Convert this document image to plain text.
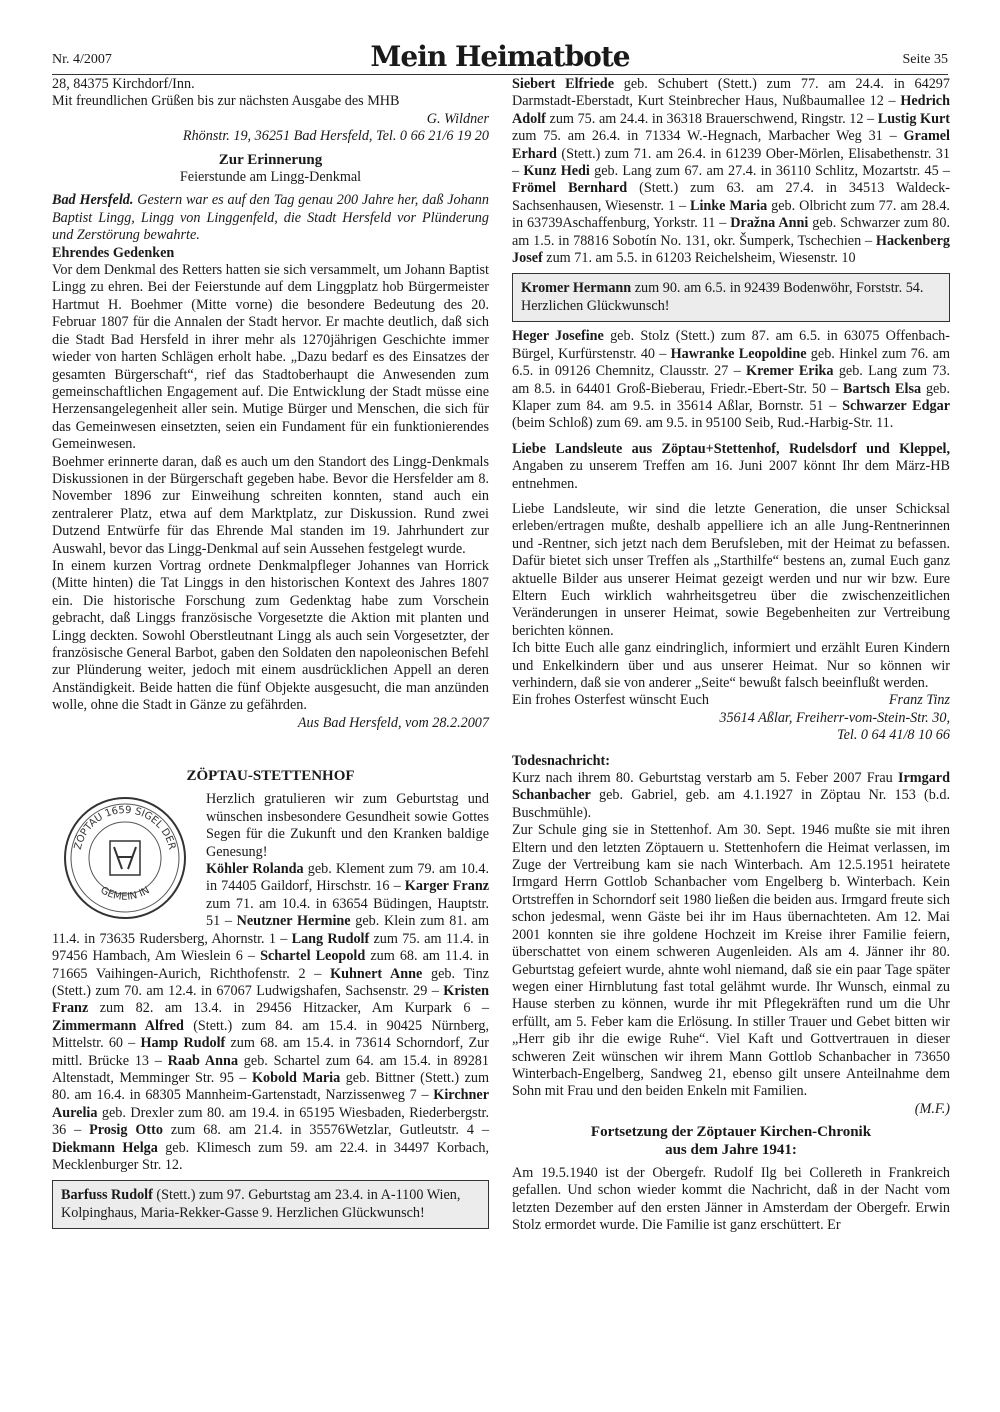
Nr. 4/2007	Mein Heimatbote	Seite 35

28, 84375 Kirchdorf/Inn.

Mit freundlichen Grüßen bis zur nächsten Ausgabe des MHB

G. Wildner

Rhönstr. 19, 36251 Bad Hersfeld, Tel. 0 66 21/6 19 20

Zur Erinnerung

Feierstunde am Lingg-Denkmal

Bad Hersfeld. Gestern war es auf den Tag genau 200 Jahre her, daß Johann Baptist Lingg, Lingg von Linggenfeld, die Stadt Hersfeld vor Plünderung und Zerstörung bewahrte.

Ehrendes Gedenken

Vor dem Denkmal des Retters hatten sie sich versammelt, um Johann Baptist Lingg zu ehren. Bei der Feierstunde auf dem Linggplatz hob Bürgermeister Hartmut H. Boehmer (Mitte vorne) die besondere Bedeutung des 20. Februar 1807 für die Annalen der Stadt hervor. Er machte deutlich, daß sich die Stadt Bad Hersfeld in ihrer mehr als 1270jährigen Geschichte immer wieder von harten Schlägen erholt habe. „Dazu bedarf es des Einsatzes der gesamten Bürgerschaft“, rief das Stadtoberhaupt die Anwesenden zum gemeinschaftlichen Engagement auf. Die Entwicklung der Stadt müsse eine Herzensangelegenheit aller sein. Mutige Bürger und Menschen, die sich für das Gemeinwesen einsetzten, seien ein Fundament für ein funktionierendes Gemeinwesen.

Boehmer erinnerte daran, daß es auch um den Standort des Lingg-Denkmals Diskussionen in der Bürgerschaft gegeben habe. Bevor die Hersfelder am 8. November 1896 zur Einweihung schreiten konnten, stand auch ein zentralerer Platz, etwa auf dem Marktplatz, zur Diskussion. Rund zwei Dutzend Entwürfe für das Ehrende Mal standen im 19. Jahrhundert zur Auswahl, bevor das Lingg-Denkmal auf sein Aussehen festgelegt wurde.

In einem kurzen Vortrag ordnete Denkmalpfleger Johannes van Horrick (Mitte hinten) die Tat Linggs in den historischen Kontext des Jahres 1807 ein. Die historische Forschung zum Gedenktag habe zum Vorschein gebracht, daß Linggs französische Vorgesetzte die Aktion mit planten und Lingg deckten. Sowohl Oberstleutnant Lingg als auch sein Vorgesetzter, der französische General Barbot, gaben den Soldaten den napoleonischen Befehl zur Plünderung weiter, jedoch mit einem ausdrücklichen Appell an deren Anständigkeit. Beide hatten die fünf Objekte ausgesucht, die man anzünden wolle, ohne die Stadt in Gänze zu gefährden.

Aus Bad Hersfeld, vom 28.2.2007

ZÖPTAU-STETTENHOF
ZÖPTAU 1659 SIGEL DER
GEMEIN IN

Herzlich gratulieren wir zum Geburtstag und wünschen insbesondere Gesundheit sowie Gottes Segen für die Zukunft und den Kranken baldige Genesung!

Köhler Rolanda geb. Klement zum 79. am 10.4. in 74405 Gaildorf, Hirschstr. 16 – Karger Franz zum 71. am 10.4. in 63654 Büdingen, Hauptstr. 51 – Neutzner Hermine geb. Klein zum 81. am 11.4. in 73635 Rudersberg, Ahornstr. 1 – Lang Rudolf zum 75. am 11.4. in 97456 Hambach, Am Wieslein 6 – Schartel Leopold zum 68. am 11.4. in 71665 Vaihingen-Aurich, Richthofenstr. 2 – Kuhnert Anne geb. Tinz (Stett.) zum 70. am 12.4. in 67067 Ludwigshafen, Sachsenstr. 29 – Kristen Franz zum 82. am 13.4. in 29456 Hitzacker, Am Kurpark 6 – Zimmermann Alfred (Stett.) zum 84. am 15.4. in 90425 Nürnberg, Mittelstr. 60 – Hamp Rudolf zum 68. am 15.4. in 73614 Schorndorf, Zur mittl. Brücke 13 – Raab Anna geb. Schartel zum 64. am 15.4. in 89281 Altenstadt, Memminger Str. 95 – Kobold Maria geb. Bittner (Stett.) zum 80. am 16.4. in 68305 Mannheim-Gartenstadt, Narzissenweg 7 – Kirchner Aurelia geb. Drexler zum 80. am 19.4. in 65195 Wiesbaden, Riederbergstr. 36 – Prosig Otto zum 68. am 21.4. in 35576Wetzlar, Gutleutstr. 4 – Diekmann Helga geb. Klimesch zum 59. am 22.4. in 34497 Korbach, Mecklenburger Str. 12.

Barfuss Rudolf (Stett.) zum 97. Geburtstag am 23.4. in A-1100 Wien, Kolpinghaus, Maria-Rekker-Gasse 9. Herzlichen Glückwunsch!

Siebert Elfriede geb. Schubert (Stett.) zum 77. am 24.4. in 64297 Darmstadt-Eberstadt, Kurt Steinbrecher Haus, Nußbaumallee 12 – Hedrich Adolf zum 75. am 24.4. in 36318 Brauerschwend, Ringstr. 12 – Lustig Kurt zum 75. am 26.4. in 71334 W.-Hegnach, Marbacher Weg 31 – Gramel Erhard (Stett.) zum 71. am 26.4. in 61239 Ober-Mörlen, Elisabethenstr. 31 – Kunz Hedi geb. Lang zum 67. am 27.4. in 36110 Schlitz, Mozartstr. 45 – Frömel Bernhard (Stett.) zum 63. am 27.4. in 34513 Waldeck-Sachsenhausen, Wiesenstr. 1 – Linke Maria geb. Olbricht zum 77. am 28.4. in 63739Aschaffenburg, Yorkstr. 11 – Dražna Anni geb. Schwarzer zum 80. am 1.5. in 78816 Sobotín No. 131, okr. Šumperk, Tschechien – Hackenberg Josef zum 71. am 5.5. in 61203 Reichelsheim, Wiesenstr. 10

Kromer Hermann zum 90. am 6.5. in 92439 Bodenwöhr, Forststr. 54. Herzlichen Glückwunsch!

Heger Josefine geb. Stolz (Stett.) zum 87. am 6.5. in 63075 Offenbach-Bürgel, Kurfürstenstr. 40 – Hawranke Leopoldine geb. Hinkel zum 76. am 6.5. in 09126 Chemnitz, Clausstr. 27 – Kremer Erika geb. Lang zum 73. am 8.5. in 64401 Groß-Bieberau, Friedr.-Ebert-Str. 50 – Bartsch Elsa geb. Klaper zum 84. am 9.5. in 35614 Aßlar, Bornstr. 51 – Schwarzer Edgar (beim Schloß) zum 69. am 9.5. in 95100 Seib, Rud.-Harbig-Str. 11.

Liebe Landsleute aus Zöptau+Stettenhof, Rudelsdorf und Kleppel, Angaben zu unserem Treffen am 16. Juni 2007 könnt Ihr dem März-HB entnehmen.

Liebe Landsleute, wir sind die letzte Generation, die unser Schicksal erleben/ertragen mußte, deshalb appelliere ich an alle Jung-Rentnerinnen und -Rentner, sich jetzt nach dem Berufsleben, mit der Heimat zu befassen. Dafür bietet sich unser Treffen als „Starthilfe“ bestens an, zumal Euch ganz aktuelle Bilder aus unserer Heimat gezeigt werden und nur wir bzw. Eure Eltern Euch wirklich wahrheitsgetreu über die zwischenzeitlichen Veränderungen in unserer Heimat, sowie Begebenheiten zur Vertreibung berichten können.

Ich bitte Euch alle ganz eindringlich, informiert und erzählt Euren Kindern und Enkelkindern über und aus unserer Heimat. Nur so können wir verhindern, daß sie von anderer „Seite“ bewußt falsch beeinflußt werden.

Ein frohes Osterfest wünscht Euch	Franz Tinz

35614 Aßlar, Freiherr-vom-Stein-Str. 30,

Tel. 0 64 41/8 10 66

Todesnachricht:

Kurz nach ihrem 80. Geburtstag verstarb am 5. Feber 2007 Frau Irmgard Schanbacher geb. Gabriel, geb. am 4.1.1927 in Zöptau Nr. 153 (b.d. Buschmühle).

Zur Schule ging sie in Stettenhof. Am 30. Sept. 1946 mußte sie mit ihren Eltern und den letzten Zöptauern u. Stettenhofern die Heimat verlassen, im Zuge der Vertreibung kam sie nach Winterbach. Am 12.5.1951 heiratete Irmgard Herrn Gottlob Schanbacher vom Engelberg b. Winterbach. Kein Ortstreffen in Schorndorf seit 1980 ließen die beiden aus. Irmgard freute sich schon jedesmal, wenn Gäste bei ihr im Haus übernachteten. Am 12. Mai 2001 konnten sie ihre goldene Hochzeit im Kreise ihrer Familie feiern, überschattet von einem schweren Augenleiden. Als am 4. Jänner ihr 80. Geburtstag gefeiert wurde, ahnte wohl niemand, daß sie ein paar Tage später wegen einer Hirnblutung fast total gelähmt wurde. Ihr Wunsch, einmal zu Hause sterben zu können, wurde ihr mit Pflegekräften rund um die Uhr erfüllt, am 5. Feber kam die Erlösung. In stiller Trauer und Gebet bitten wir „Herr gib ihr die ewige Ruhe“. Viel Kaft und Gottvertrauen in dieser schweren Zeit wünschen wir ihrem Mann Gottlob Schanbacher in 73650 Winterbach-Engelberg, Sandweg 21, ebenso gilt unsere Anteilnahme dem Sohn mit Frau und den beiden Enkeln mit Familien.

(M.F.)

Fortsetzung der Zöptauer Kirchen-Chronik
aus dem Jahre 1941:

Am 19.5.1940 ist der Obergefr. Rudolf Ilg bei Collereth in Frankreich gefallen. Und schon wieder kommt die Nachricht, daß in der Nacht vom letzten Dezember auf den ersten Jänner in Amsterdam der Obergefr. Erwin Stolz ermordet wurde. Die Familie ist ganz erschüttert. Er
